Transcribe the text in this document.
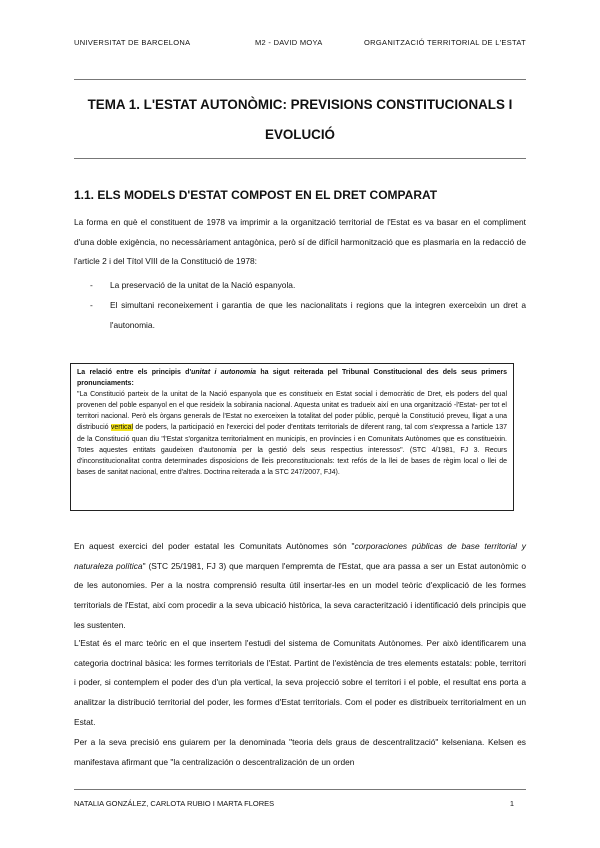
UNIVERSITAT DE BARCELONA	M2 - DAVID MOYA	ORGANITZACIÓ TERRITORIAL DE L'ESTAT
TEMA 1. L'ESTAT AUTONÒMIC: PREVISIONS CONSTITUCIONALS I
EVOLUCIÓ
1.1. ELS MODELS D'ESTAT COMPOST EN EL DRET COMPARAT

La forma en què el constituent de 1978 va imprimir a la organització territorial de l'Estat es va basar en el compliment d'una doble exigència, no necessàriament antagònica, però sí de difícil harmonització que es plasmaria en la redacció de l'article 2 i del Títol VIII de la Constitució de 1978:

- La preservació de la unitat de la Nació espanyola.
- El simultani reconeixement i garantia de que les nacionalitats i regions que la integren exerceixin un dret a l'autonomia.

La relació entre els principis d'unitat i autonomia ha sigut reiterada pel Tribunal Constitucional des dels seus primers pronunciaments:

"La Constitució parteix de la unitat de la Nació espanyola que es constitueix en Estat social i democràtic de Dret, els poders del qual provenen del poble espanyol en el que resideix la sobirania nacional. Aquesta unitat es tradueix així en una organització -l'Estat- per tot el territori nacional. Però els òrgans generals de l'Estat no exerceixen la totalitat del poder públic, perquè la Constitució preveu, lligat a una distribució vertical de poders, la participació en l'exercici del poder d'entitats territorials de diferent rang, tal com s'expressa a l'article 137 de la Constitució quan diu "l'Estat s'organitza territorialment en municipis, en províncies i en Comunitats Autònomes que es constitueixin. Totes aquestes entitats gaudeixen d'autonomia per la gestió dels seus respectius interessos". (STC 4/1981, FJ 3. Recurs d'inconstitucionalitat contra determinades disposicions de lleis preconstitucionals: text refós de la llei de bases de règim local o llei de bases de sanitat nacional, entre d'altres. Doctrina reiterada a la STC 247/2007, FJ4).

En aquest exercici del poder estatal les Comunitats Autònomes són "corporaciones públicas de base territorial y naturaleza política" (STC 25/1981, FJ 3) que marquen l'empremta de l'Estat, que ara passa a ser un Estat autonòmic o de les autonomies. Per a la nostra comprensió resulta útil insertar-les en un model teòric d'explicació de les formes territorials de l'Estat, així com procedir a la seva ubicació històrica, la seva caracterització i identificació dels principis que les sustenten.

L'Estat és el marc teòric en el que insertem l'estudi del sistema de Comunitats Autònomes. Per això identificarem una categoria doctrinal bàsica: les formes territorials de l'Estat. Partint de l'existència de tres elements estatals: poble, territori i poder, si contemplem el poder des d'un pla vertical, la seva projecció sobre el territori i el poble, el resultat ens porta a analitzar la distribució territorial del poder, les formes d'Estat territorials. Com el poder es distribueix territorialment en un Estat.

Per a la seva precisió ens guiarem per la denominada "teoria dels graus de descentralització" kelseniana. Kelsen es manifestava afirmant que "la centralización o descentralización de un orden

NATALIA GONZÁLEZ, CARLOTA RUBIO I MARTA FLORES	1
